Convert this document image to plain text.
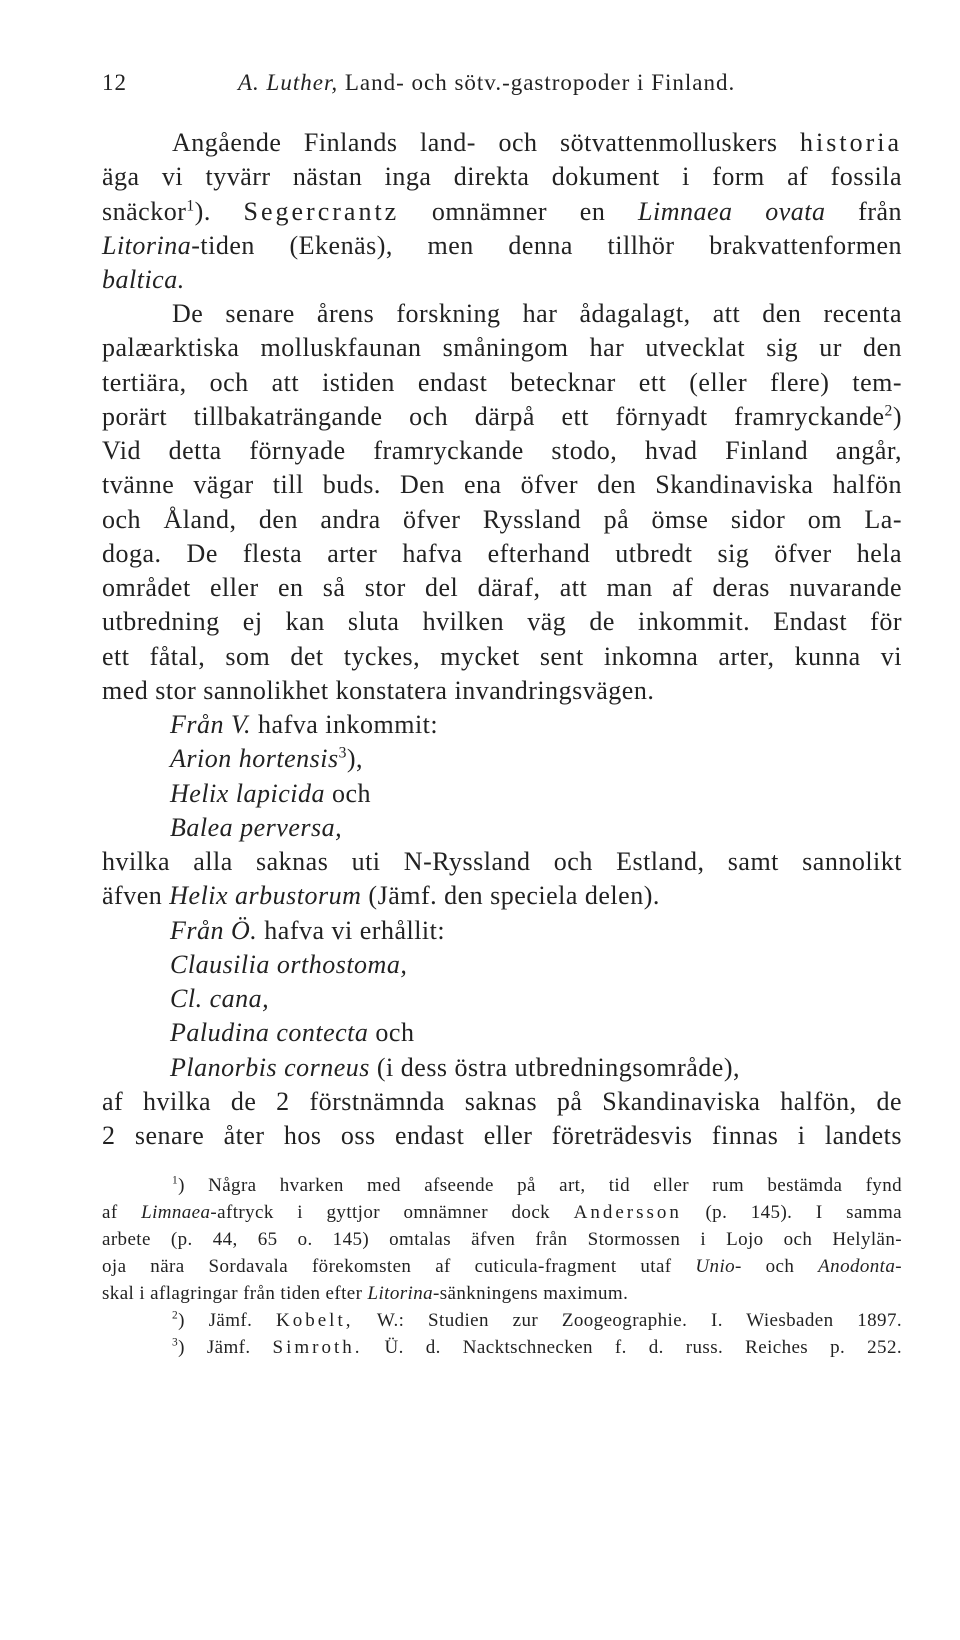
12	A. Luther, Land- och sötv.-gastropoder i Finland.
Angående Finlands land- och sötvattenmolluskers historia
äga vi tyvärr nästan inga direkta dokument i form af fossila
snäckor$^1$). Segercrantz omnämner en Limnaea ovata från
Litorina-tiden (Ekenäs), men denna tillhör brakvattenformen
baltica.
De senare årens forskning har ådagalagt, att den recenta
palæarktiska molluskfaunan småningom har utvecklat sig ur den
tertiära, och att istiden endast betecknar ett (eller flere) tem-
porärt tillbakaträngande och därpå ett förnyadt framryckande$^2$)
Vid detta förnyade framryckande stodo, hvad Finland angår,
tvänne vägar till buds. Den ena öfver den Skandinaviska halfön
och Åland, den andra öfver Ryssland på ömse sidor om La-
doga. De flesta arter hafva efterhand utbredt sig öfver hela
området eller en så stor del däraf, att man af deras nuvarande
utbredning ej kan sluta hvilken väg de inkommit. Endast för
ett fåtal, som det tyckes, mycket sent inkomna arter, kunna vi
med stor sannolikhet konstatera invandringsvägen.
Från V. hafva inkommit:
Arion hortensis$^3$),
Helix lapicida och
Balea perversa,
hvilka alla saknas uti N-Ryssland och Estland, samt sannolikt
äfven Helix arbustorum (Jämf. den speciela delen).
Från Ö. hafva vi erhållit:
Clausilia orthostoma,
Cl. cana,
Paludina contecta och
Planorbis corneus (i dess östra utbredningsområde),
af hvilka de 2 förstnämnda saknas på Skandinaviska halfön, de
2 senare åter hos oss endast eller företrädesvis finnas i landets
$^1$) Några hvarken med afseende på art, tid eller rum bestämda fynd
af Limnaea-aftryck i gyttjor omnämner dock Andersson (p. 145). I samma
arbete (p. 44, 65 o. 145) omtalas äfven från Stormossen i Lojo och Helylän-
oja nära Sordavala förekomsten af cuticula-fragment utaf Unio- och Anodonta-
skal i aflagringar från tiden efter Litorina-sänkningens maximum.
$^2$) Jämf. Kobelt, W.: Studien zur Zoogeographie. I. Wiesbaden 1897.
$^3$) Jämf. Simroth. Ü. d. Nacktschnecken f. d. russ. Reiches p. 252.
